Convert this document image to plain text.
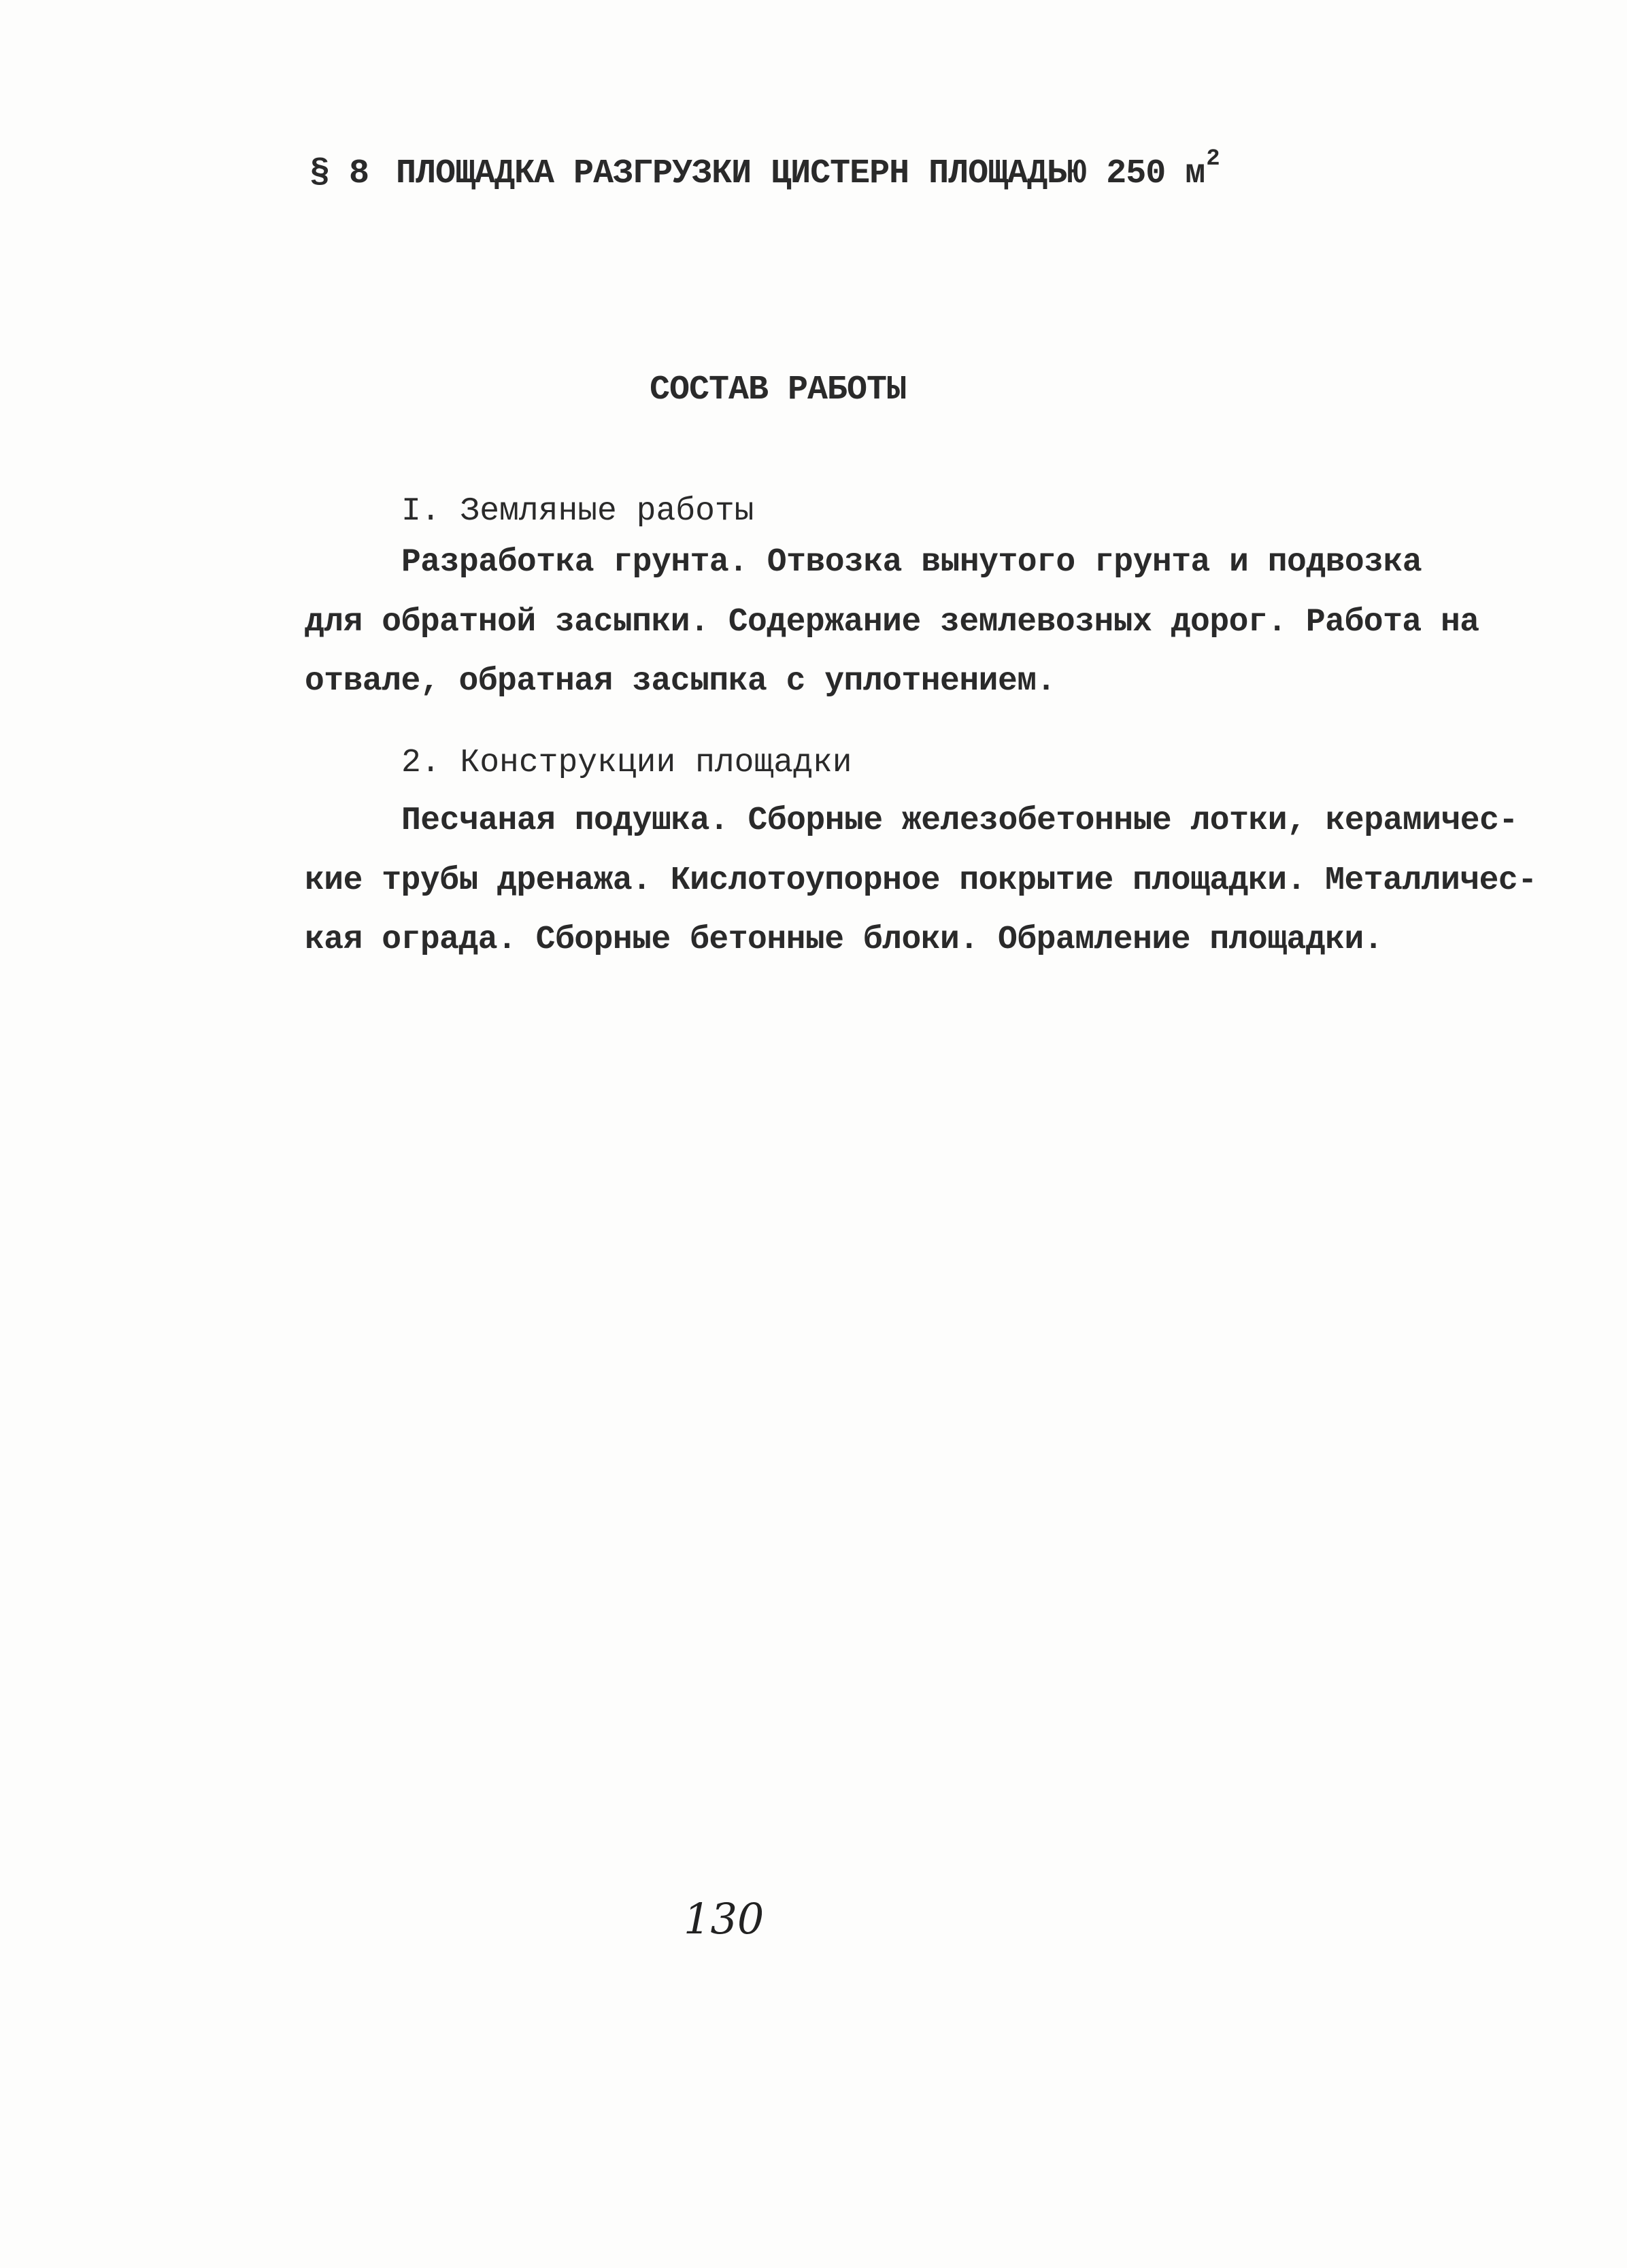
§ 8 ПЛОЩАДКА РАЗГРУЗКИ ЦИСТЕРН ПЛОЩАДЬЮ 250 $м^2$
СОСТАВ РАБОТЫ
I. Земляные работы
Разработка грунта. Отвозка вынутого грунта и подвозка
для обратной засыпки. Содержание землевозных дорог. Работа на
отвале, обратная засыпка с уплотнением.
2. Конструкции площадки
Песчаная подушка. Сборные железобетонные лотки, керамичес-
кие трубы дренажа. Кислотоупорное покрытие площадки. Металличес-
кая ограда. Сборные бетонные блоки. Обрамление площадки.
130
